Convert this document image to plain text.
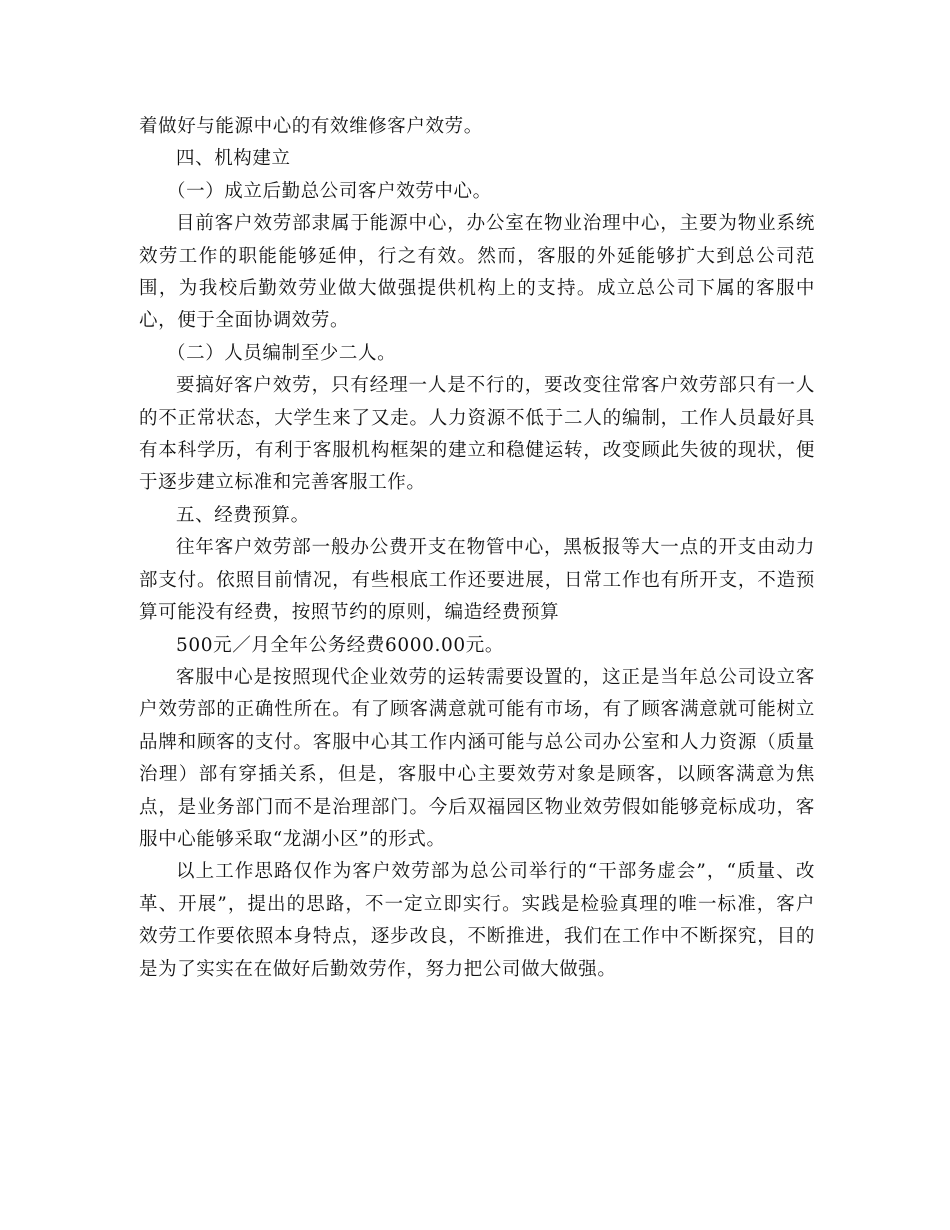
着做好与能源中心的有效维修客户效劳。

四、机构建立

（一）成立后勤总公司客户效劳中心。

目前客户效劳部隶属于能源中心，办公室在物业治理中心，主要为物业系统效劳工作的职能能够延伸，行之有效。然而，客服的外延能够扩大到总公司范围，为我校后勤效劳业做大做强提供机构上的支持。成立总公司下属的客服中心，便于全面协调效劳。

（二）人员编制至少二人。

要搞好客户效劳，只有经理一人是不行的，要改变往常客户效劳部只有一人的不正常状态，大学生来了又走。人力资源不低于二人的编制，工作人员最好具有本科学历，有利于客服机构框架的建立和稳健运转，改变顾此失彼的现状，便于逐步建立标准和完善客服工作。

五、经费预算。

往年客户效劳部一般办公费开支在物管中心，黑板报等大一点的开支由动力部支付。依照目前情况，有些根底工作还要进展，日常工作也有所开支，不造预算可能没有经费，按照节约的原则，编造经费预算

500元／月全年公务经费6000.00元。

客服中心是按照现代企业效劳的运转需要设置的，这正是当年总公司设立客户效劳部的正确性所在。有了顾客满意就可能有市场，有了顾客满意就可能树立品牌和顾客的支付。客服中心其工作内涵可能与总公司办公室和人力资源（质量治理）部有穿插关系，但是，客服中心主要效劳对象是顾客，以顾客满意为焦点，是业务部门而不是治理部门。今后双福园区物业效劳假如能够竞标成功，客服中心能够采取“龙湖小区”的形式。

以上工作思路仅作为客户效劳部为总公司举行的“干部务虚会”，“质量、改革、开展”，提出的思路，不一定立即实行。实践是检验真理的唯一标准，客户效劳工作要依照本身特点，逐步改良，不断推进，我们在工作中不断探究，目的是为了实实在在做好后勤效劳作，努力把公司做大做强。
